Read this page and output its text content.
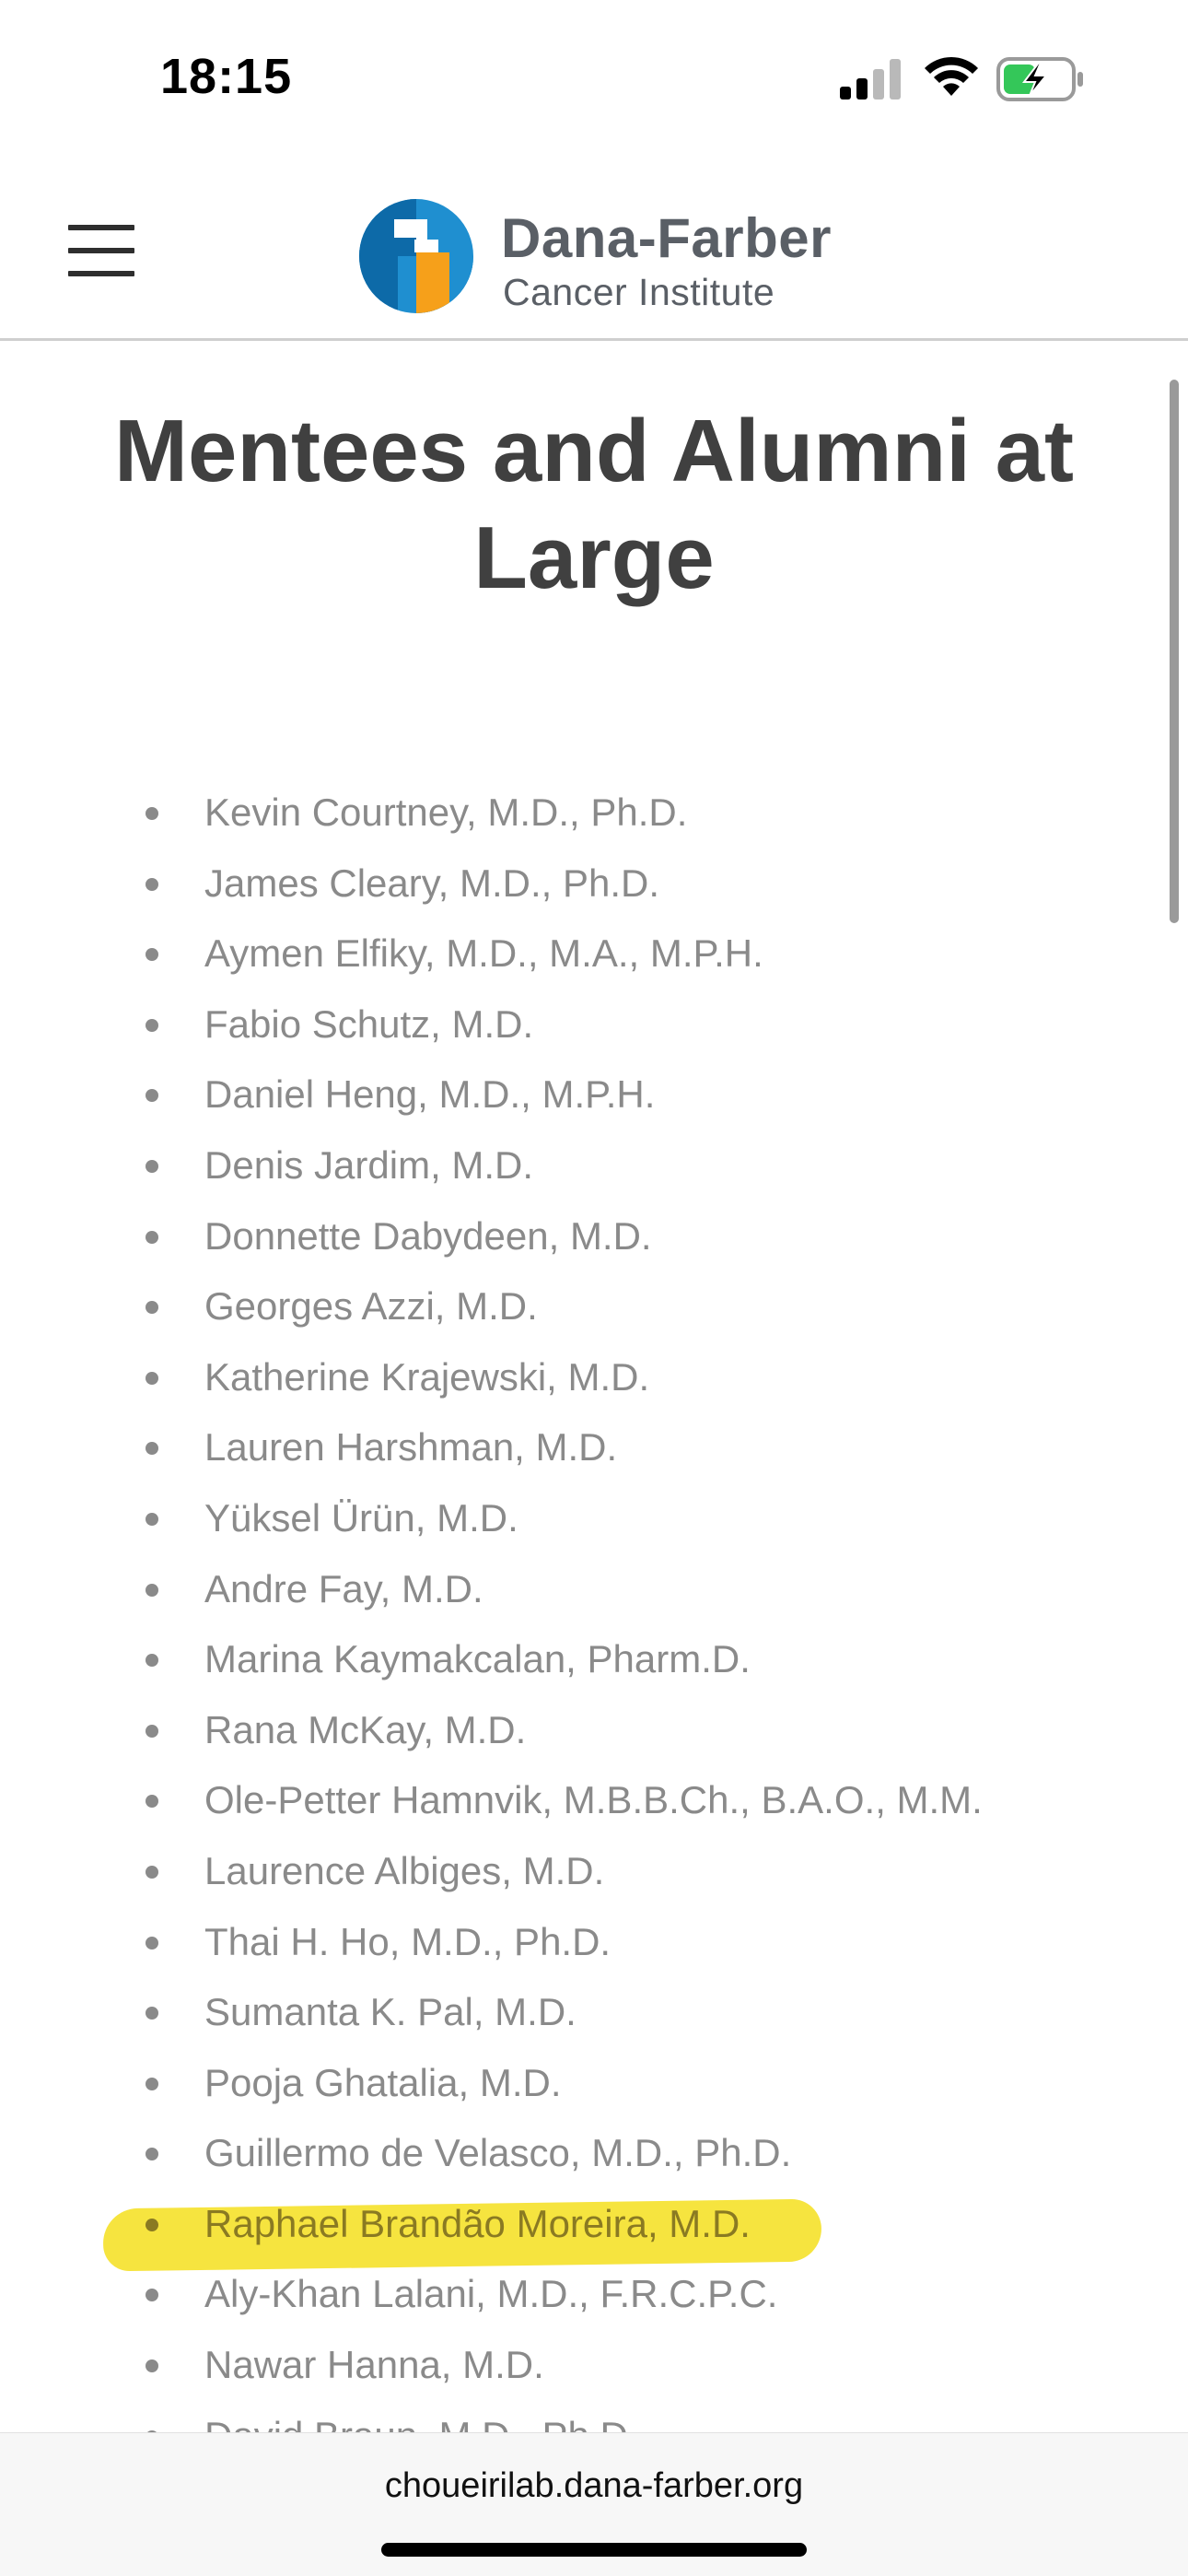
18:15
Dana-Farber
Cancer Institute
Mentees and Alumni at Large
Kevin Courtney, M.D., Ph.D.
James Cleary, M.D., Ph.D.
Aymen Elfiky, M.D., M.A., M.P.H.
Fabio Schutz, M.D.
Daniel Heng, M.D., M.P.H.
Denis Jardim, M.D.
Donnette Dabydeen, M.D.
Georges Azzi, M.D.
Katherine Krajewski, M.D.
Lauren Harshman, M.D.
Yüksel Ürün, M.D.
Andre Fay, M.D.
Marina Kaymakcalan, Pharm.D.
Rana McKay, M.D.
Ole-Petter Hamnvik, M.B.B.Ch., B.A.O., M.M.
Laurence Albiges, M.D.
Thai H. Ho, M.D., Ph.D.
Sumanta K. Pal, M.D.
Pooja Ghatalia, M.D.
Guillermo de Velasco, M.D., Ph.D.
Raphael Brandão Moreira, M.D.
Aly-Khan Lalani, M.D., F.R.C.P.C.
Nawar Hanna, M.D.
choueirilab.dana-farber.org
